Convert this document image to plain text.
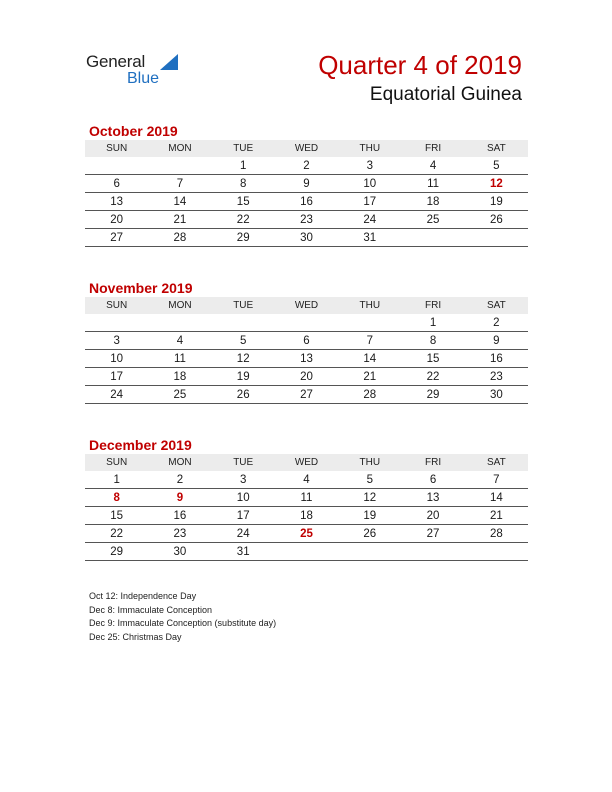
General
Blue	Quarter 4 of 2019
Equatorial Guinea
October 2019
SUN	MON	TUE	WED	THU	FRI	SAT
		1	2	3	4	5
6	7	8	9	10	11	12
13	14	15	16	17	18	19
20	21	22	23	24	25	26
27	28	29	30	31		
November 2019
SUN	MON	TUE	WED	THU	FRI	SAT
					1	2
3	4	5	6	7	8	9
10	11	12	13	14	15	16
17	18	19	20	21	22	23
24	25	26	27	28	29	30
December 2019
SUN	MON	TUE	WED	THU	FRI	SAT
1	2	3	4	5	6	7
8	9	10	11	12	13	14
15	16	17	18	19	20	21
22	23	24	25	26	27	28
29	30	31				
Oct 12: Independence Day
Dec 8: Immaculate Conception
Dec 9: Immaculate Conception (substitute day)
Dec 25: Christmas Day
